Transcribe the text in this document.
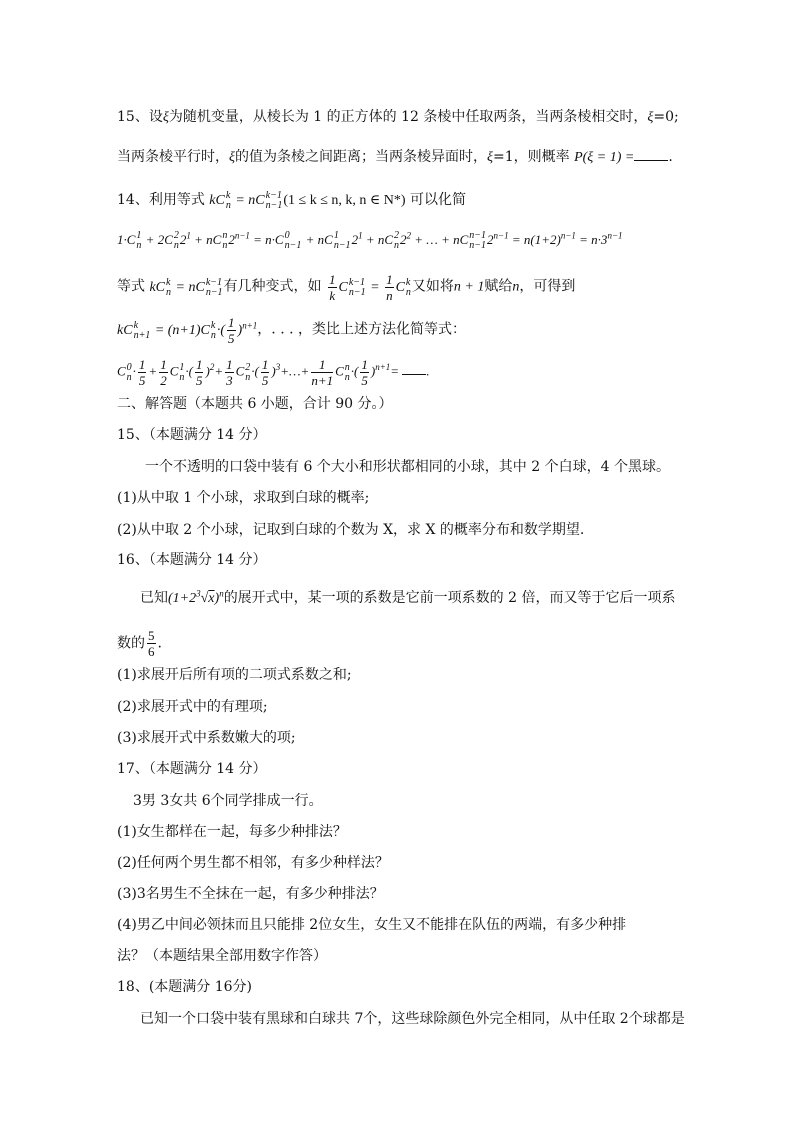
15、设ξ为随机变量，从棱长为 1 的正方体的 12 条棱中任取两条，当两条棱相交时，ξ=0;
当两条棱平行时，ξ的值为条棱之间距离；当两条棱异面时，ξ=1，则概率 P(ξ = 1) = .
14、利用等式 kC k
n = nC k−1
n−1 (1 ≤ k ≤ n, k, n ∈ N*) 可以化简
1·C 1
n + 2C 2
n $2^1$ + nC n
n $2^{n-1} = n\cdot C$ 0
n−1 + nC 1
n−1 $2^1$ + nC 2
n $2^2$ + … + nC n−1
n−1 $2^{n-1} = n(1+2)^{n-1} = n\cdot 3^{n-1}$
等式 kC k
n = nC k−1
n−1 有几种变式，如 $\frac{1}{k}$ C k−1
$n-1 = \frac{1}{n}$ C k
n 又如将n + 1赋给n，可得到
kC k
n+1 = (n+1)C k
n ·( $\frac{1}{5} )^{n+1}$，. . . ，类比上述方法化简等式：
C 0
$n \cdot \frac{1}{5} + \frac{1}{2}$ C 1
n ·( $\frac{1}{5} )^2+ \frac{1}{3}$ C 2
n ·( $\frac{1}{5}$ )$^3$+…+ $\frac{1}{n+1}$ C n
n ·( $\frac{1}{5} )^{n+1}=$ .
二、解答题（本题共 6 小题，合计 90 分。）
15、（本题满分 14 分）
一个不透明的口袋中装有 6 个大小和形状都相同的小球，其中 2 个白球，4 个黑球。
(1)从中取 1 个小球，求取到白球的概率;
(2)从中取 2 个小球，记取到白球的个数为 X，求 X 的概率分布和数学期望.
16、（本题满分 14 分）
已知$(1+2^3√x)^n$的展开式中，某一项的系数是它前一项系数的 2 倍，而又等于它后一项系
数的 $\frac{5}{6}$ .
(1)求展开后所有项的二项式系数之和;
(2)求展开式中的有理项;
(3)求展开式中系数嫩大的项;
17、（本题满分 14 分）
3男 3女共 6个同学排成一行。
(1)女生都样在一起，每多少种排法？
(2)任何两个男生都不相邻，有多少种样法？
(3)3名男生不全抹在一起，有多少种排法？
(4)男乙中间必领抹而且只能排 2位女生，女生又不能排在队伍的两端，有多少种排
法？（本题结果全部用数字作答）
18、(本题满分 16分)
已知一个口袋中装有黑球和白球共 7个，这些球除颜色外完全相同，从中任取 2个球都是
